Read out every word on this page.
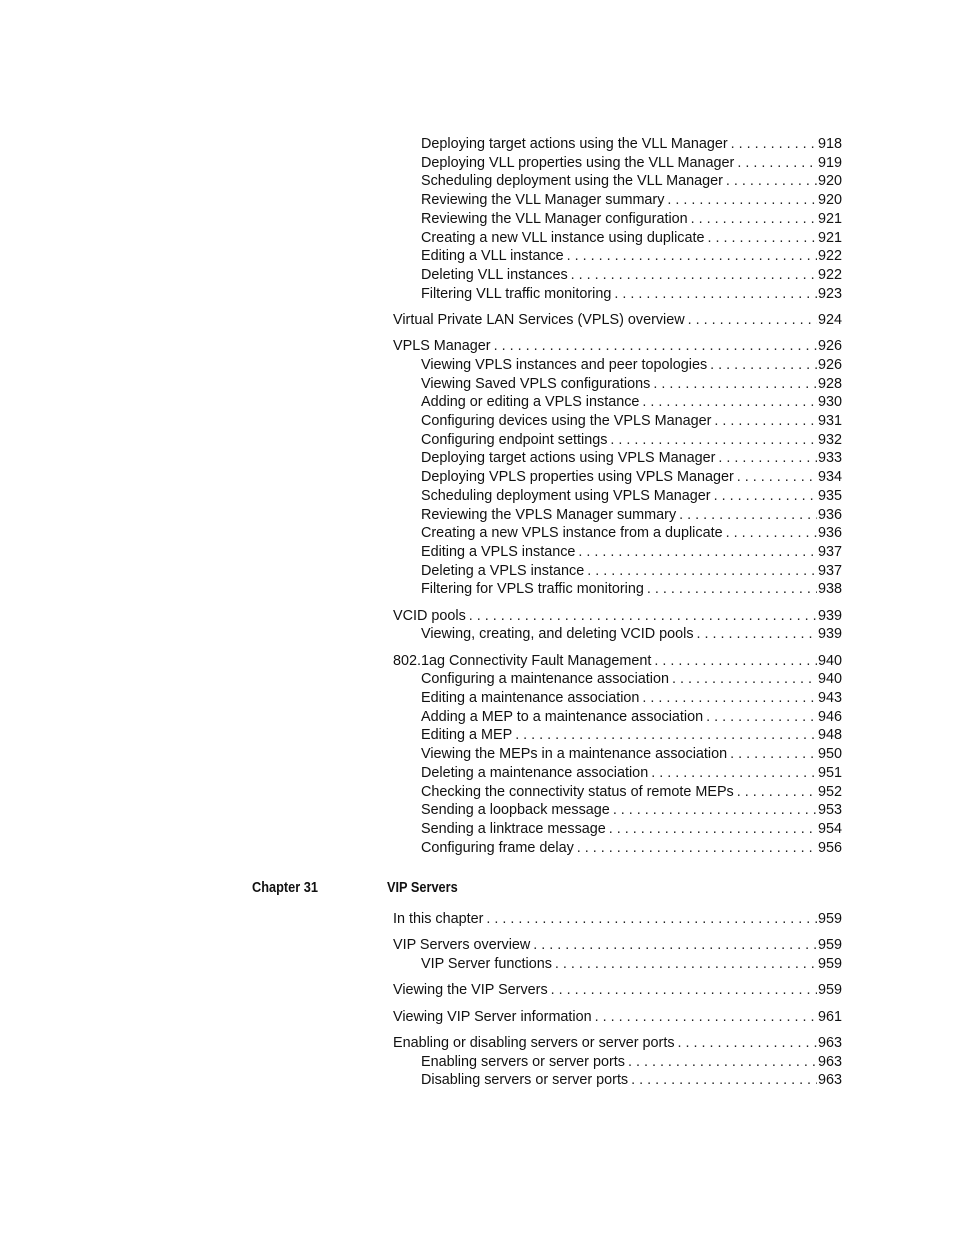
Deploying target actions using the VLL Manager . . .	918
Deploying VLL properties using the VLL Manager . . .	919
Scheduling deployment using the VLL Manager . . .	920
Reviewing the VLL Manager summary . . .	920
Reviewing the VLL Manager configuration . . .	921
Creating a new VLL instance using duplicate . . .	921
Editing a VLL instance . . .	922
Deleting VLL instances . . .	922
Filtering VLL traffic monitoring . . .	923
Virtual Private LAN Services (VPLS) overview . . .	924
VPLS Manager . . .	926
Viewing VPLS instances and peer topologies . . .	926
Viewing Saved VPLS configurations . . .	928
Adding or editing a VPLS instance . . .	930
Configuring devices using the VPLS Manager . . .	931
Configuring endpoint settings . . .	932
Deploying target actions using VPLS Manager . . .	933
Deploying VPLS properties using VPLS Manager . . .	934
Scheduling deployment using VPLS Manager . . .	935
Reviewing the VPLS Manager summary . . .	936
Creating a new VPLS instance from a duplicate . . .	936
Editing a VPLS instance . . .	937
Deleting a VPLS instance . . .	937
Filtering for VPLS traffic monitoring . . .	938
VCID pools . . .	939
Viewing, creating, and deleting VCID pools . . .	939
802.1ag Connectivity Fault Management . . .	940
Configuring a maintenance association . . .	940
Editing a maintenance association . . .	943
Adding a MEP to a maintenance association . . .	946
Editing a MEP . . .	948
Viewing the MEPs in a maintenance association . . .	950
Deleting a maintenance association . . .	951
Checking the connectivity status of remote MEPs . . .	952
Sending a loopback message . . .	953
Sending a linktrace message . . .	954
Configuring frame delay . . .	956
Chapter 31	VIP Servers
In this chapter . . .	959
VIP Servers overview . . .	959
VIP Server functions . . .	959
Viewing the VIP Servers . . .	959
Viewing VIP Server information . . .	961
Enabling or disabling servers or server ports . . .	963
Enabling servers or server ports . . .	963
Disabling servers or server ports . . .	963
